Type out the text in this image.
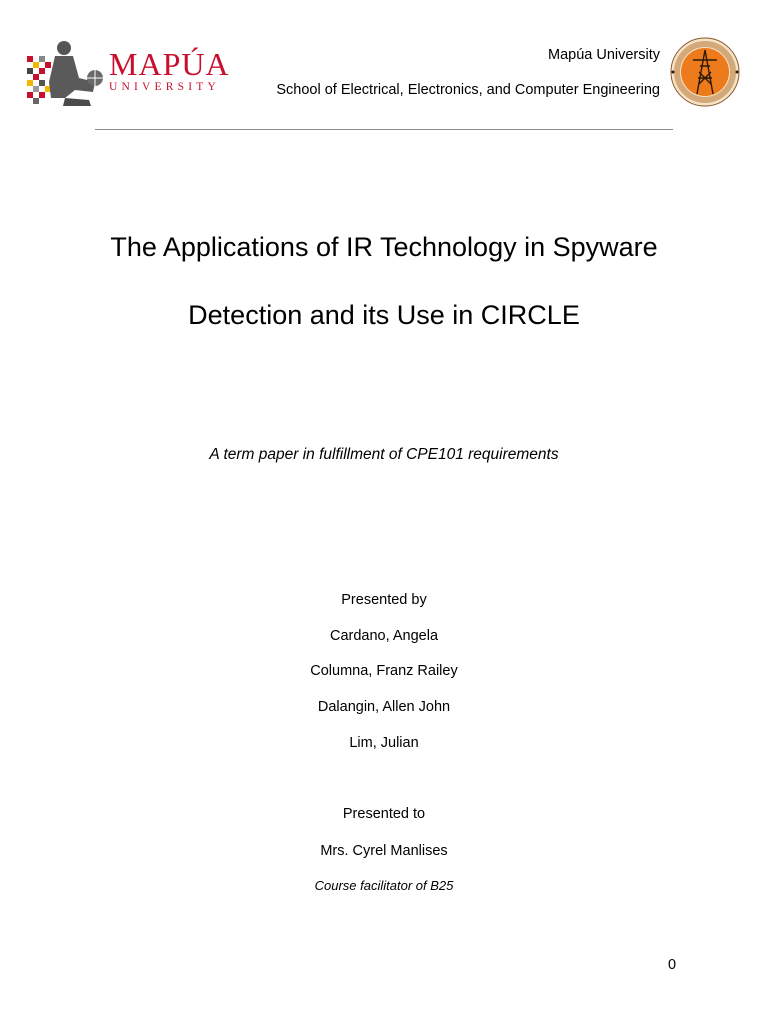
MAPÚA
UNIVERSITY
Mapúa University
School of Electrical, Electronics, and Computer Engineering
The Applications of IR Technology in Spyware
Detection and its Use in CIRCLE
A term paper in fulfillment of CPE101 requirements
Presented by
Cardano, Angela
Columna, Franz Railey
Dalangin, Allen John
Lim, Julian
Presented to
Mrs. Cyrel Manlises
Course facilitator of B25
0
